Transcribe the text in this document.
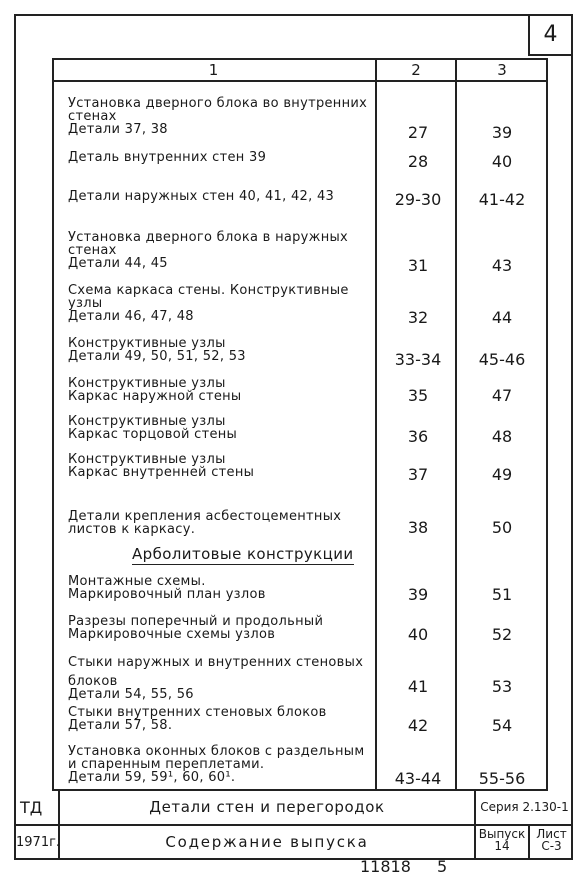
4
1	2	3
Установка дверного блока во внутренних
стенах
Детали 37, 38	27	39
Деталь внутренних стен 39	28	40
Детали наружных стен 40, 41, 42, 43	29-30	41-42
Установка дверного блока в наружных
стенах
Детали 44, 45	31	43
Схема каркаса стены. Конструктивные
узлы
Детали 46, 47, 48	32	44
Конструктивные узлы
Детали 49, 50, 51, 52, 53	33-34	45-46
Конструктивные узлы
Каркас наружной стены	35	47
Конструктивные узлы
Каркас торцовой стены	36	48
Конструктивные узлы
Каркас внутренней стены	37	49
Детали крепления асбестоцементных
листов к каркасу.	38	50
Арболитовые конструкции
Монтажные схемы.
Маркировочный план узлов	39	51
Разрезы поперечный и продольный
Маркировочные схемы узлов	40	52
Стыки наружных и внутренних стеновых
блоков
Детали 54, 55, 56	41	53
Стыки внутренних стеновых блоков
Детали 57, 58.	42	54
Установка оконных блоков с раздельным
и спаренным переплетами.
Детали 59, 59¹, 60, 60¹.	43-44	55-56
ТД
1971г.
Детали стен и перегородок
Содержание выпуска
Серия 2.130-1
Выпуск
14
Лист
С-3
11818 5
